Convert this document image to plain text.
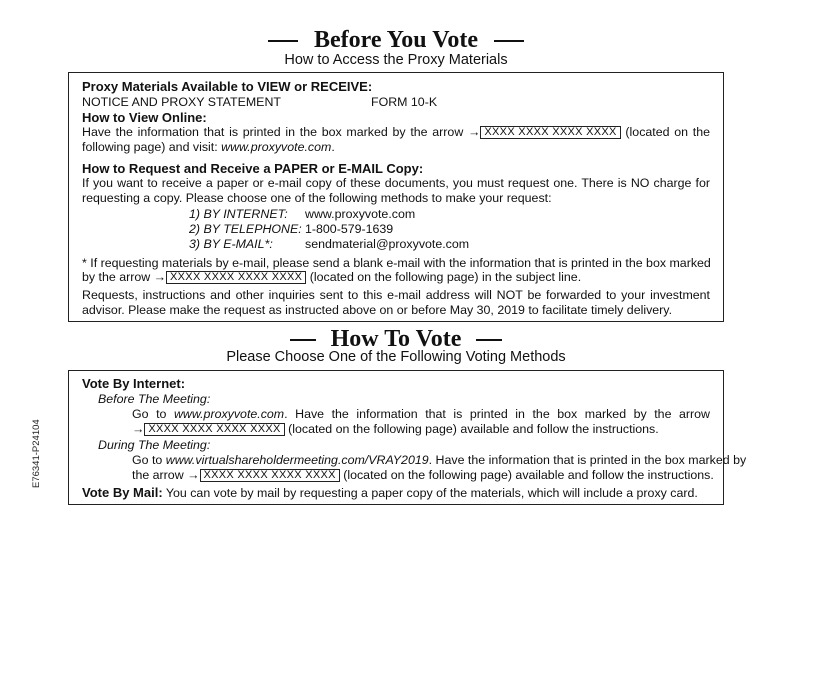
E76341-P24104
Before You Vote
How to Access the Proxy Materials
Proxy Materials Available to VIEW or RECEIVE:
NOTICE AND PROXY STATEMENT	FORM 10-K
How to View Online:
Have the information that is printed in the box marked by the arrow → XXXX XXXX XXXX XXXX (located on the
following page) and visit: www.proxyvote.com.
How to Request and Receive a PAPER or E-MAIL Copy:
If you want to receive a paper or e-mail copy of these documents, you must request one. There is NO charge for
requesting a copy. Please choose one of the following methods to make your request:
1) BY INTERNET: www.proxyvote.com
2) BY TELEPHONE: 1-800-579-1639
3) BY E-MAIL*:	sendmaterial@proxyvote.com
* If requesting materials by e-mail, please send a blank e-mail with the information that is printed in the box marked
by the arrow → XXXX XXXX XXXX XXXX (located on the following page) in the subject line.
Requests, instructions and other inquiries sent to this e-mail address will NOT be forwarded to your investment
advisor. Please make the request as instructed above on or before May 30, 2019 to facilitate timely delivery.
How To Vote
Please Choose One of the Following Voting Methods
Vote By Internet:
Before The Meeting:
Go to www.proxyvote.com. Have the information that is printed in the box marked by the arrow
→ XXXX XXXX XXXX XXXX (located on the following page) available and follow the instructions.
During The Meeting:
Go to www.virtualshareholdermeeting.com/VRAY2019. Have the information that is printed in the box marked by
the arrow → XXXX XXXX XXXX XXXX (located on the following page) available and follow the instructions.
Vote By Mail: You can vote by mail by requesting a paper copy of the materials, which will include a proxy card.
